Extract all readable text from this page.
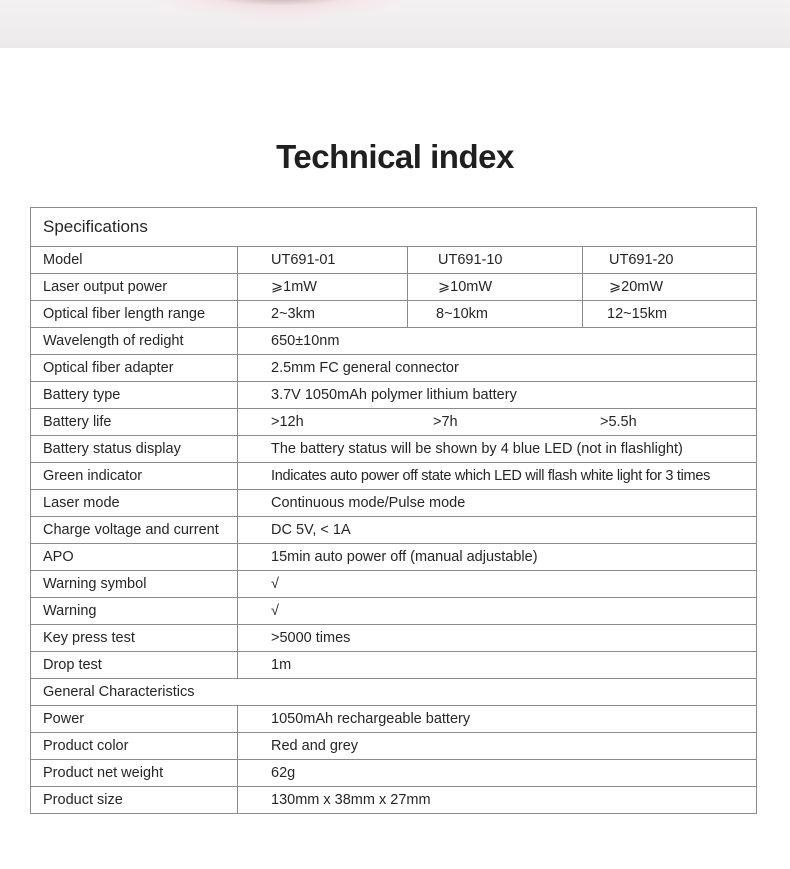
Technical index
Specifications			
Model	UT691-01	UT691-10	UT691-20
Laser output power	⩾1mW	⩾10mW	⩾20mW
Optical fiber length range	2~3km	8~10km	12~15km
Wavelength of redight	650±10nm		
Optical fiber adapter	2.5mm FC general connector		
Battery type	3.7V 1050mAh polymer lithium battery		
Battery life	>12h >7h >5.5h		

Battery status display	The battery status will be shown by 4 blue LED (not in flashlight)		
Green indicator	Indicates auto power off state which LED will flash white light for 3 times		
Laser mode	Continuous mode/Pulse mode		
Charge voltage and current	DC 5V, < 1A		
APO	15min auto power off (manual adjustable)		
Warning symbol	√		
Warning	√		
Key press test	>5000 times		
Drop test	1m		
General Characteristics			
Power	1050mAh rechargeable battery		
Product color	Red and grey		
Product net weight	62g		
Product size	130mm x 38mm x 27mm		
